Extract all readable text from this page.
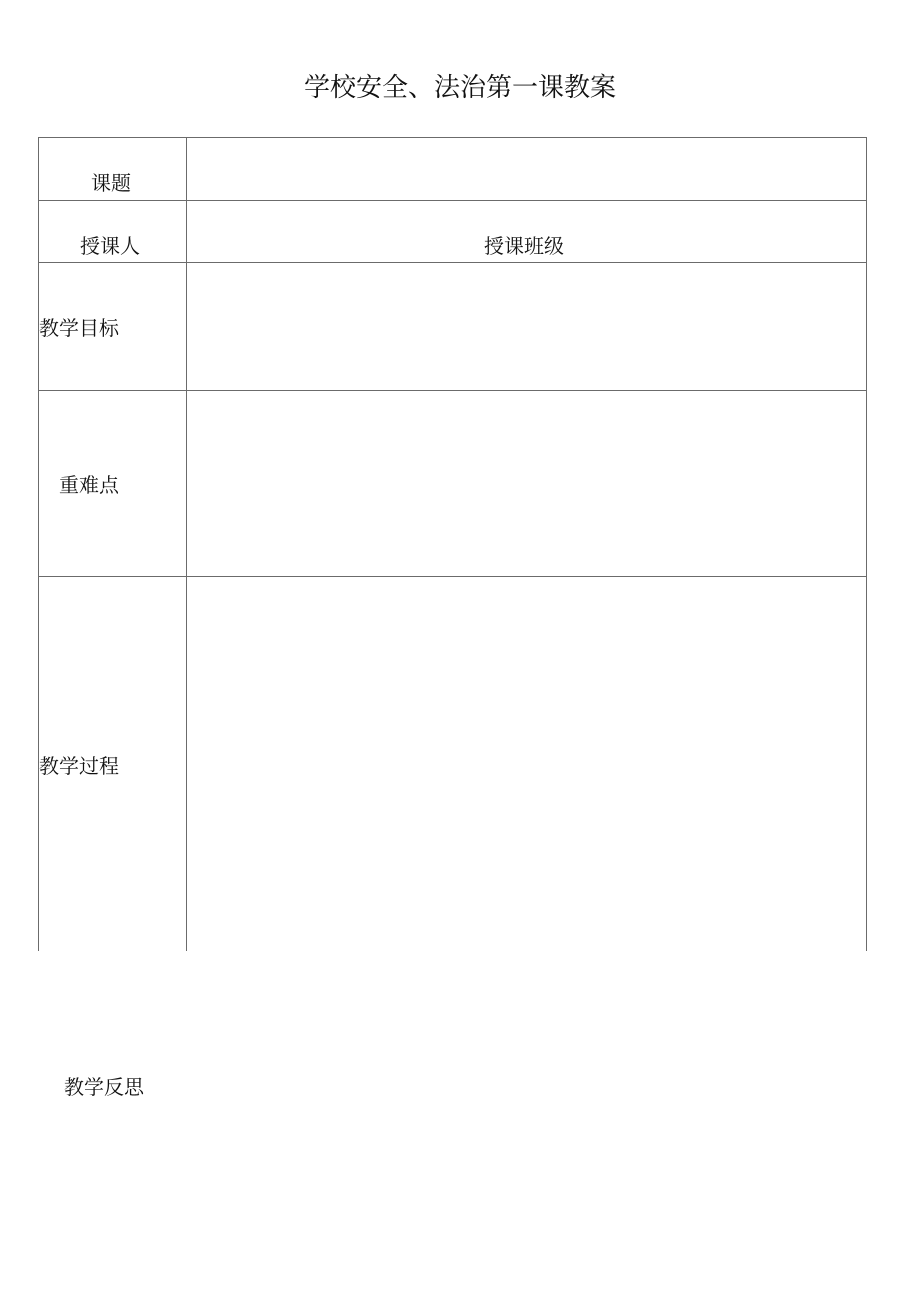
学校安全、法治第一课教案
课题
授课人	授课班级
教学目标
重难点
教学过程
教学反思
